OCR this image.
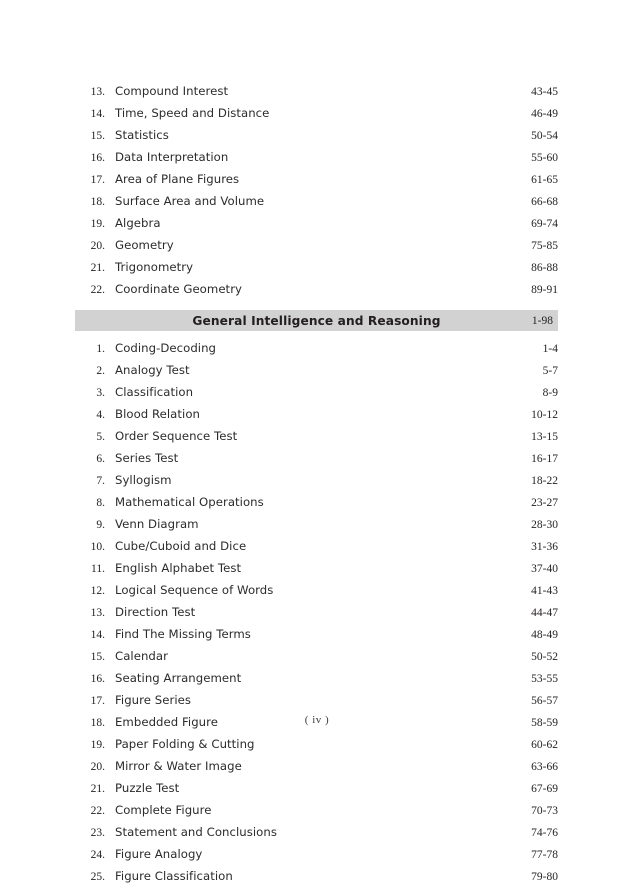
13. Compound Interest	43-45
14. Time, Speed and Distance	46-49
15. Statistics	50-54
16. Data Interpretation	55-60
17. Area of Plane Figures	61-65
18. Surface Area and Volume	66-68
19. Algebra	69-74
20. Geometry	75-85
21. Trigonometry	86-88
22. Coordinate Geometry	89-91
General Intelligence and Reasoning	1-98
1. Coding-Decoding	1-4
2. Analogy Test	5-7
3. Classification	8-9
4. Blood Relation	10-12
5. Order Sequence Test	13-15
6. Series Test	16-17
7. Syllogism	18-22
8. Mathematical Operations	23-27
9. Venn Diagram	28-30
10. Cube/Cuboid and Dice	31-36
11. English Alphabet Test	37-40
12. Logical Sequence of Words	41-43
13. Direction Test	44-47
14. Find The Missing Terms	48-49
15. Calendar	50-52
16. Seating Arrangement	53-55
17. Figure Series	56-57
18. Embedded Figure	58-59
19. Paper Folding & Cutting	60-62
20. Mirror & Water Image	63-66
21. Puzzle Test	67-69
22. Complete Figure	70-73
23. Statement and Conclusions	74-76
24. Figure Analogy	77-78
25. Figure Classification	79-80
( iv )
